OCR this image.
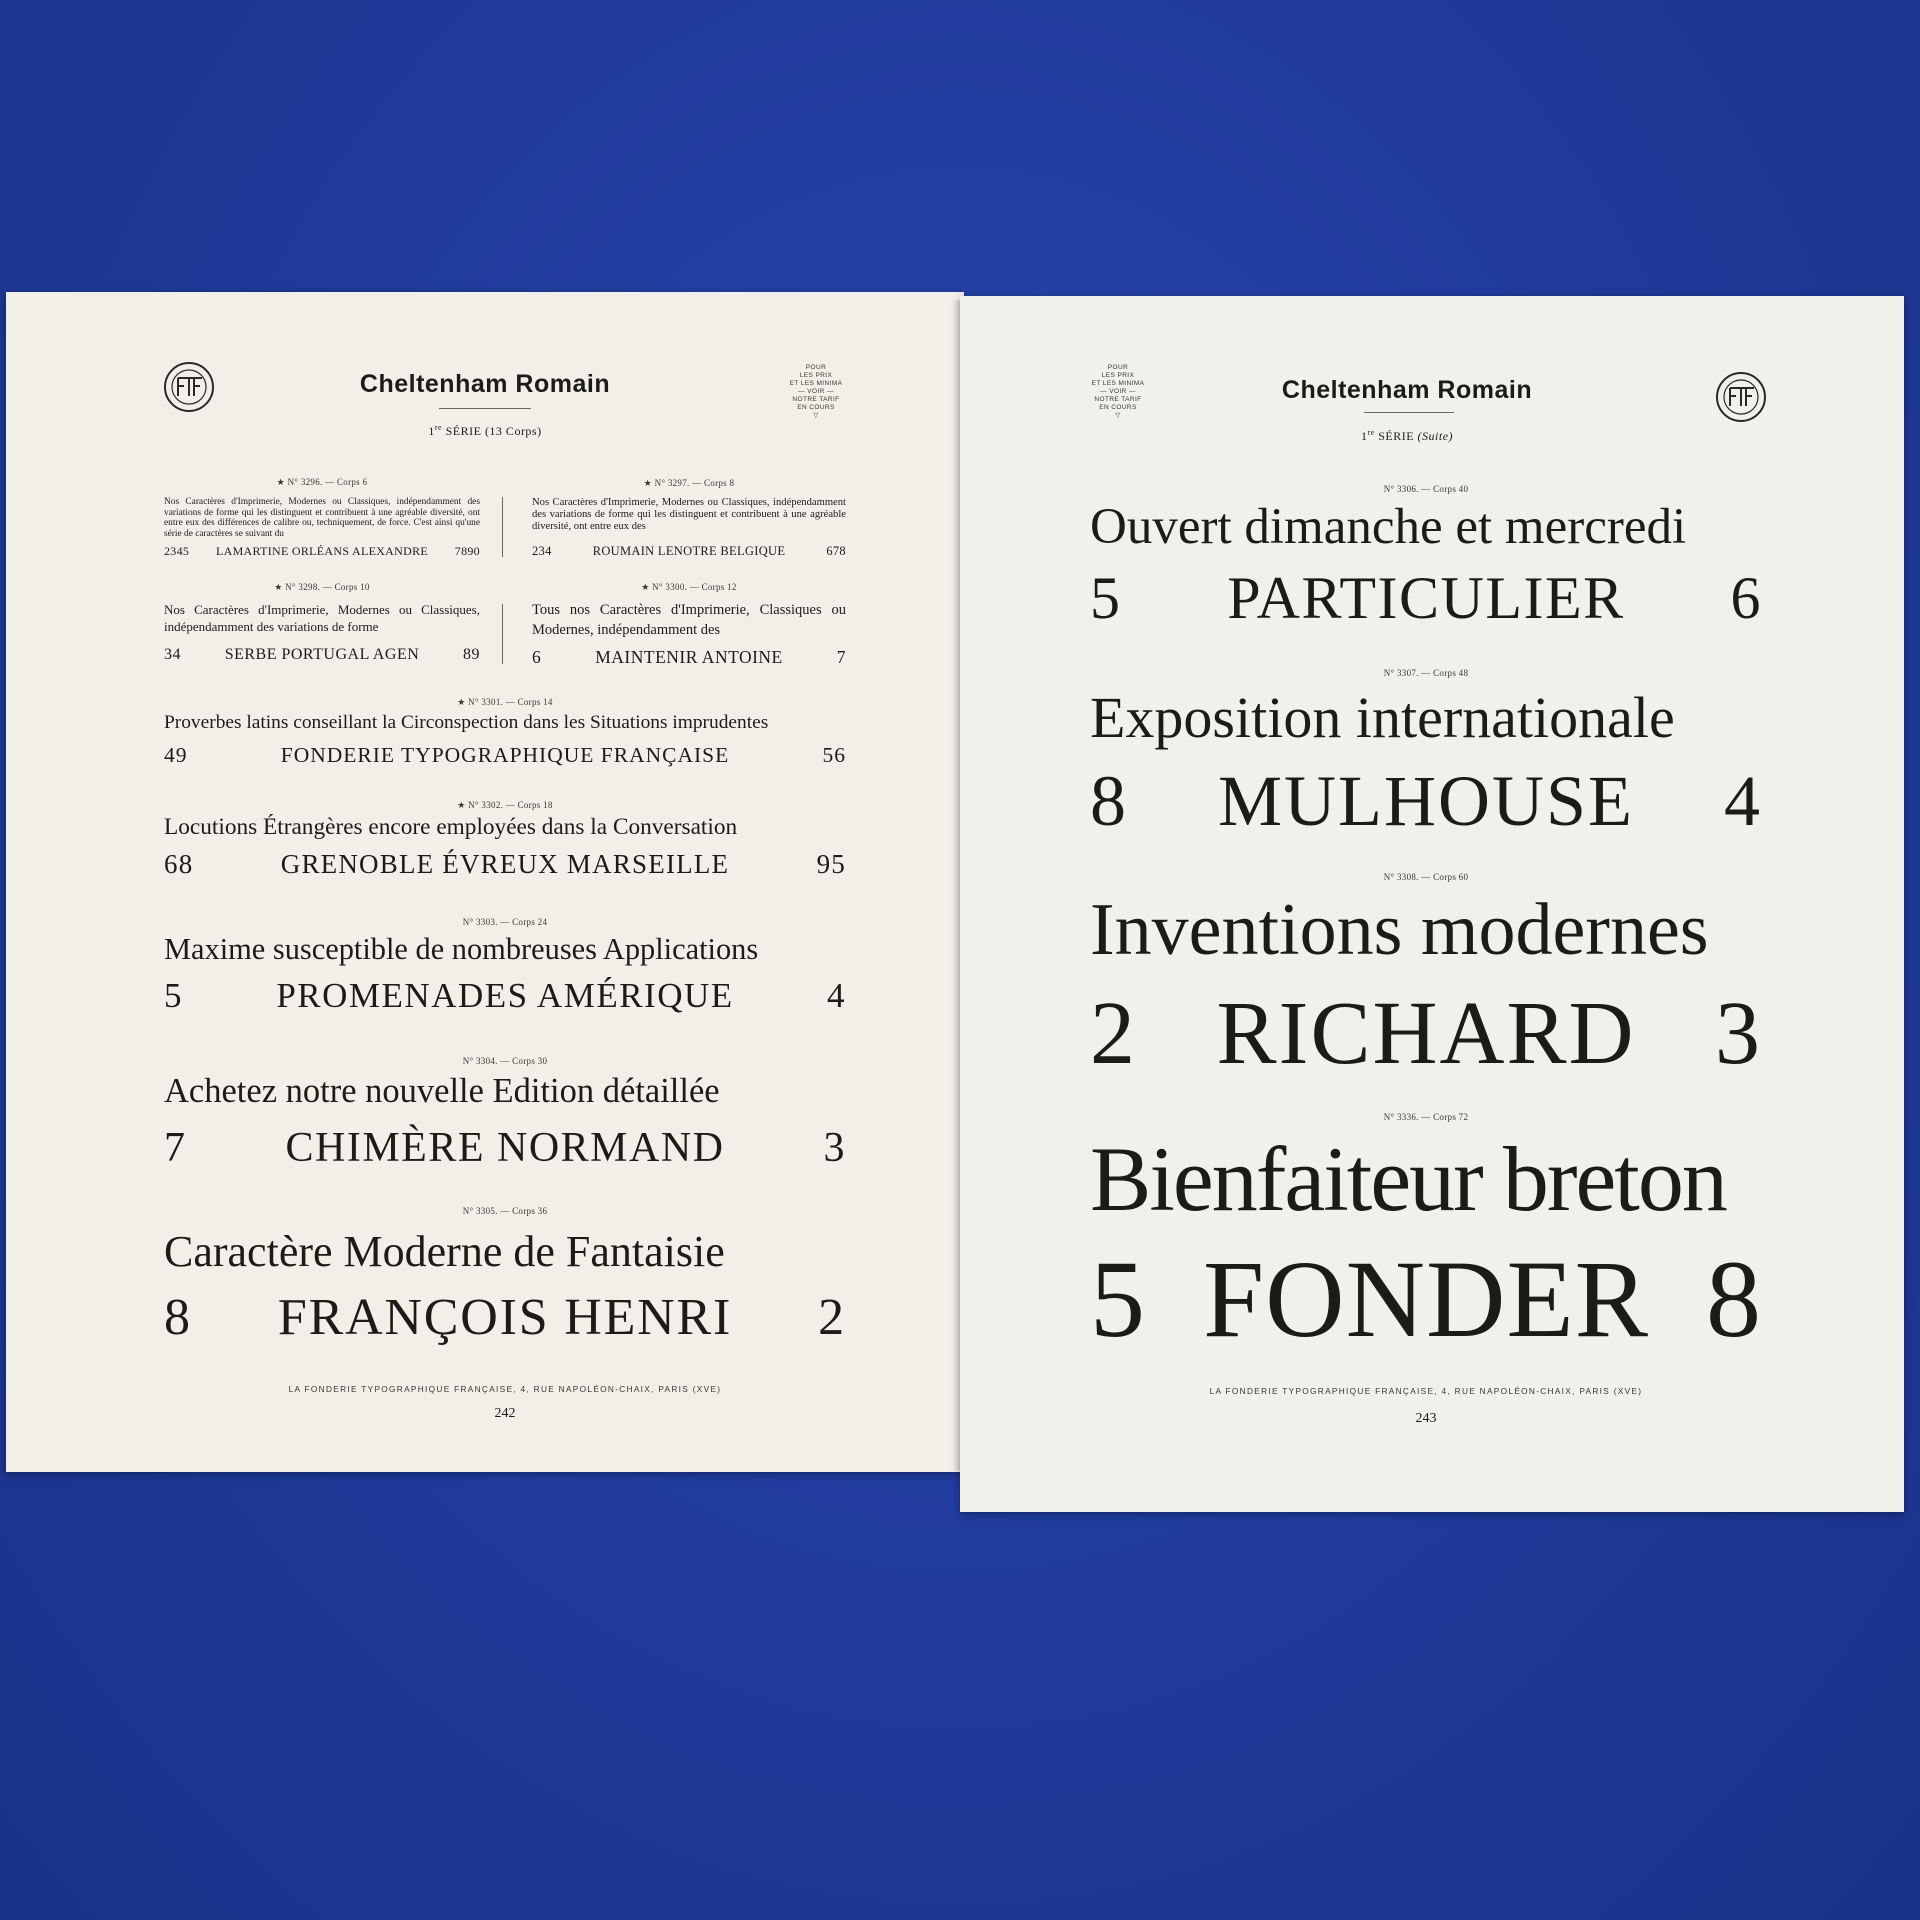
Cheltenham Romain
1re SÉRIE (13 Corps)
POUR
LES PRIX
ET LES MINIMA
— VOIR —
NOTRE TARIF
EN COURS
▽
★ N° 3296. — Corps 6
Nos Caractères d'Imprimerie, Modernes ou Classiques, indépendamment des variations de forme qui les distinguent et contribuent à une agréable diversité, ont entre eux des différences de calibre ou, techniquement, de force. C'est ainsi qu'une série de caractères se suivant du
2345 LAMARTINE ORLÉANS ALEXANDRE 7890
★ N° 3297. — Corps 8
Nos Caractères d'Imprimerie, Modernes ou Classiques, indépendamment des variations de forme qui les distinguent et contribuent à une agréable diversité, ont entre eux des
234	ROUMAIN LENOTRE BELGIQUE	678
★ N° 3298. — Corps 10
Nos Caractères d'Imprimerie, Modernes ou Classiques, indépendamment des variations de forme
34	SERBE PORTUGAL AGEN	89
★ N° 3300. — Corps 12
Tous nos Caractères d'Imprimerie, Classiques ou Modernes, indépendamment des
6	MAINTENIR ANTOINE	7
★ N° 3301. — Corps 14
Proverbes latins conseillant la Circonspection dans les Situations imprudentes
49	FONDERIE TYPOGRAPHIQUE FRANÇAISE	56
★ N° 3302. — Corps 18
Locutions Étrangères encore employées dans la Conversation
68	GRENOBLE ÉVREUX MARSEILLE	95
N° 3303. — Corps 24
Maxime susceptible de nombreuses Applications
5	PROMENADES AMÉRIQUE	4
N° 3304. — Corps 30
Achetez notre nouvelle Edition détaillée
7 CHIMÈRE NORMAND 3
N° 3305. — Corps 36
Caractère Moderne de Fantaisie
8 FRANÇOIS HENRI 2
LA FONDERIE TYPOGRAPHIQUE FRANÇAISE, 4, RUE NAPOLÉON-CHAIX, PARIS (XVE)
242
POUR
LES PRIX
ET LES MINIMA
— VOIR —
NOTRE TARIF
EN COURS
▽
Cheltenham Romain
1re SÉRIE (Suite)
N° 3306. — Corps 40
Ouvert dimanche et mercredi
5 PARTICULIER 6
N° 3307. — Corps 48
Exposition internationale
8 MULHOUSE 4
N° 3308. — Corps 60
Inventions modernes
2 RICHARD 3
N° 3336. — Corps 72
Bienfaiteur breton
5 FONDER 8
LA FONDERIE TYPOGRAPHIQUE FRANÇAISE, 4, RUE NAPOLÉON-CHAIX, PARIS (XVE)
243
